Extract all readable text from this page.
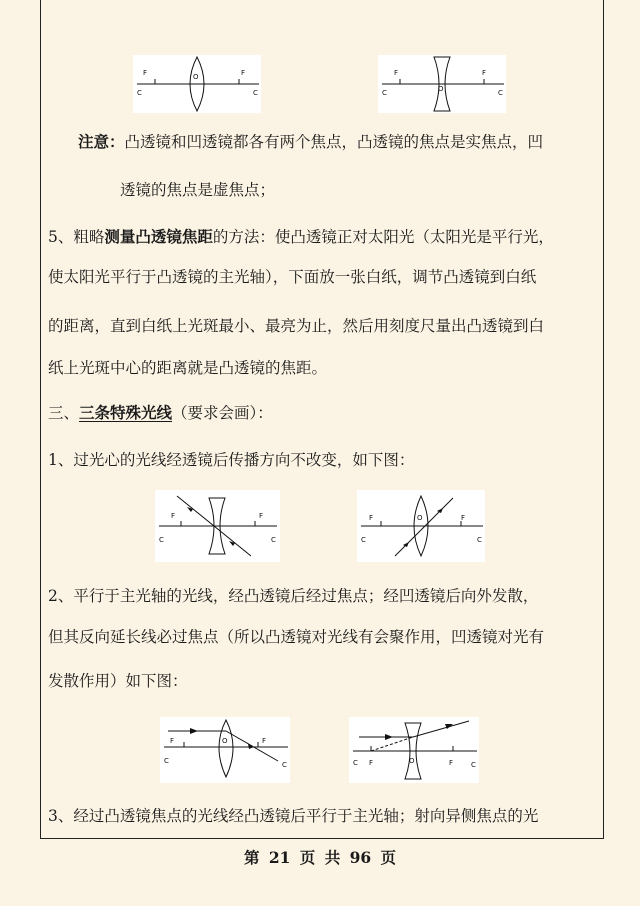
F	F
C	C
O	F	F
C	C
O
注意：凸透镜和凹透镜都各有两个焦点，凸透镜的焦点是实焦点，凹
透镜的焦点是虚焦点；
5、粗略测量凸透镜焦距的方法：使凸透镜正对太阳光（太阳光是平行光，
使太阳光平行于凸透镜的主光轴），下面放一张白纸，调节凸透镜到白纸
的距离，直到白纸上光斑最小、最亮为止，然后用刻度尺量出凸透镜到白
纸上光斑中心的距离就是凸透镜的焦距。
三、三条特殊光线（要求会画）：
1、过光心的光线经透镜后传播方向不改变，如下图：
F	F
C	C
F	F
C	C
O
2、平行于主光轴的光线，经凸透镜后经过焦点；经凹透镜后向外发散，
但其反向延长线必过焦点（所以凸透镜对光线有会聚作用，凹透镜对光有
发散作用）如下图：
F	F
C	C
O
C F	F	C
O
3、经过凸透镜焦点的光线经凸透镜后平行于主光轴；射向异侧焦点的光
第 21 页 共 96 页
